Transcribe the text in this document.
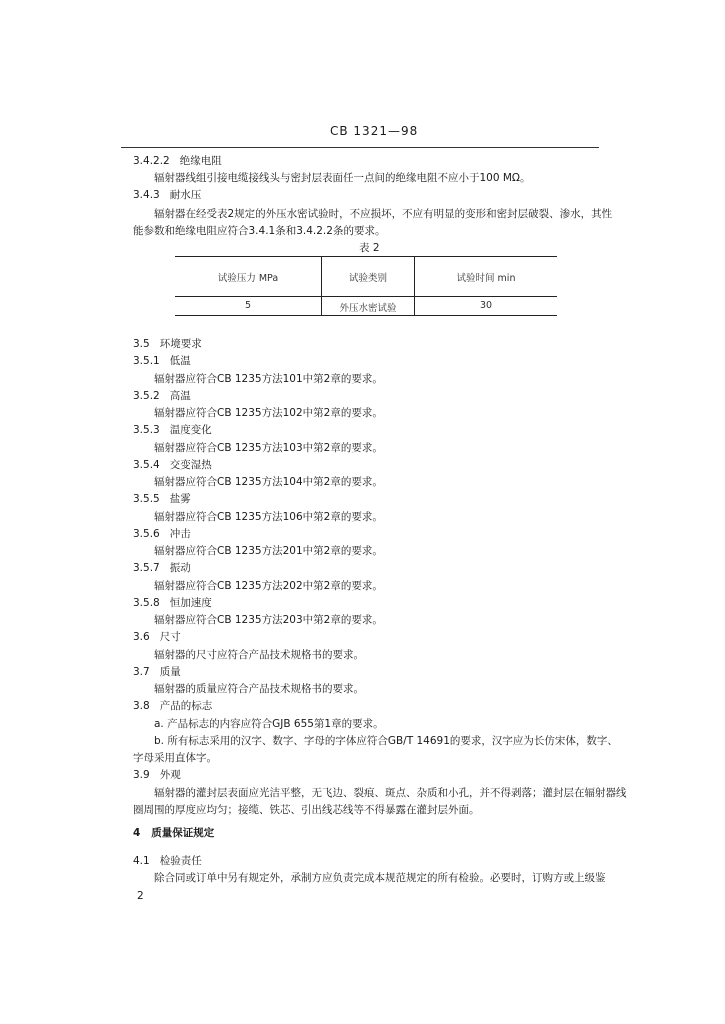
CB 1321—98
3.4.2.2 绝缘电阻
辐射器线组引接电缆接线头与密封层表面任一点间的绝缘电阻不应小于100 MΩ。
3.4.3 耐水压
辐射器在经受表2规定的外压水密试验时，不应损坏，不应有明显的变形和密封层破裂、渗水，其性
能参数和绝缘电阻应符合3.4.1条和3.4.2.2条的要求。
表 2
试验压力 MPa	试验类别	试验时间 min
5	外压水密试验	30
3.5 环境要求
3.5.1 低温
辐射器应符合CB 1235方法101中第2章的要求。
3.5.2 高温
辐射器应符合CB 1235方法102中第2章的要求。
3.5.3 温度变化
辐射器应符合CB 1235方法103中第2章的要求。
3.5.4 交变湿热
辐射器应符合CB 1235方法104中第2章的要求。
3.5.5 盐雾
辐射器应符合CB 1235方法106中第2章的要求。
3.5.6 冲击
辐射器应符合CB 1235方法201中第2章的要求。
3.5.7 振动
辐射器应符合CB 1235方法202中第2章的要求。
3.5.8 恒加速度
辐射器应符合CB 1235方法203中第2章的要求。
3.6 尺寸
辐射器的尺寸应符合产品技术规格书的要求。
3.7 质量
辐射器的质量应符合产品技术规格书的要求。
3.8 产品的标志
a. 产品标志的内容应符合GJB 655第1章的要求。
b. 所有标志采用的汉字、数字、字母的字体应符合GB/T 14691的要求，汉字应为长仿宋体，数字、
字母采用直体字。
3.9 外观
辐射器的灌封层表面应光洁平整，无飞边、裂痕、斑点、杂质和小孔，并不得剥落；灌封层在辐射器线
圈周围的厚度应均匀；接缆、铁芯、引出线芯线等不得暴露在灌封层外面。
4 质量保证规定
4.1 检验责任
除合同或订单中另有规定外，承制方应负责完成本规范规定的所有检验。必要时，订购方或上级鉴
2
